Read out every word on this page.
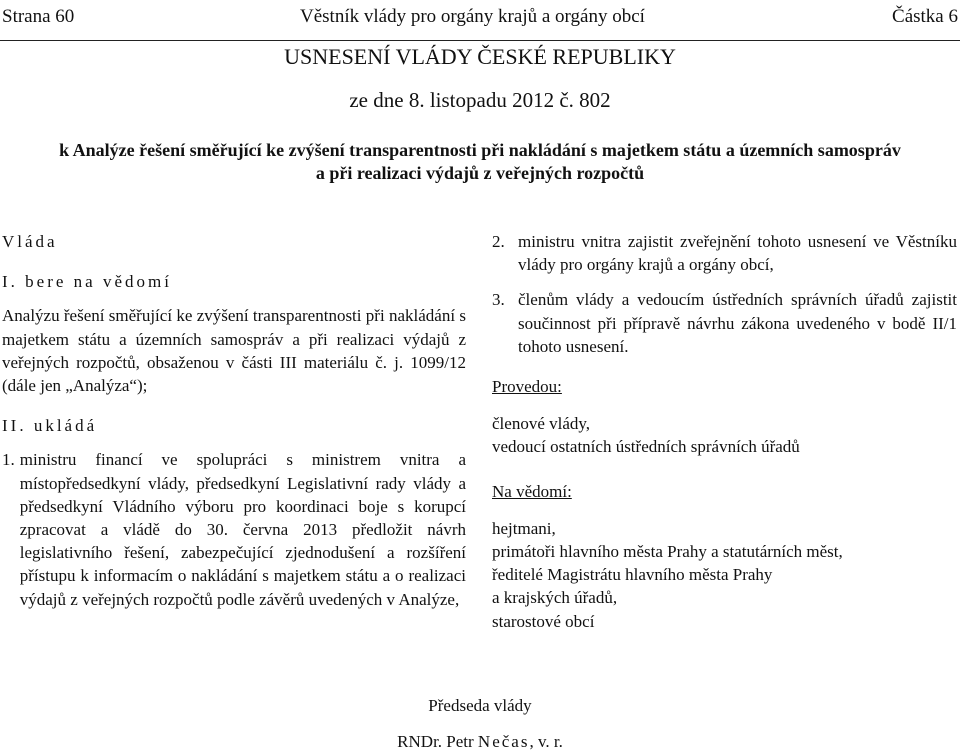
Strana 60	Věstník vlády pro orgány krajů a orgány obcí	Částka 6
USNESENÍ VLÁDY ČESKÉ REPUBLIKY
ze dne 8. listopadu 2012 č. 802
k Analýze řešení směřující ke zvýšení transparentnosti při nakládání s majetkem státu a územních samospráv
a při realizaci výdajů z veřejných rozpočtů
Vláda
I. bere na vědomí
Analýzu řešení směřující ke zvýšení transparentnosti při nakládání s majetkem státu a územních samospráv a při realizaci výdajů z veřejných rozpočtů, obsaženou v části III materiálu č. j. 1099/12 (dále jen „Analýza“);
II. ukládá
1. ministru financí ve spolupráci s ministrem vnitra a místopředsedkyní vlády, předsedkyní Legislativní rady vlády a předsedkyní Vládního výboru pro koordinaci boje s korupcí zpracovat a vládě do 30. června 2013 předložit návrh legislativního řešení, zabezpečující zjednodušení a rozšíření přístupu k informacím o nakládání s majetkem státu a o realizaci výdajů z veřejných rozpočtů podle závěrů uvedených v Analýze,
2. ministru vnitra zajistit zveřejnění tohoto usnesení ve Věstníku vlády pro orgány krajů a orgány obcí,
3. členům vlády a vedoucím ústředních správních úřadů zajistit součinnost při přípravě návrhu zákona uvedeného v bodě II/1 tohoto usnesení.
Provedou:
členové vlády,
vedoucí ostatních ústředních správních úřadů
Na vědomí:
hejtmani,
primátoři hlavního města Prahy a statutárních měst,
ředitelé Magistrátu hlavního města Prahy
a krajských úřadů,
starostové obcí
Předseda vlády
RNDr. Petr Nečas, v. r.
